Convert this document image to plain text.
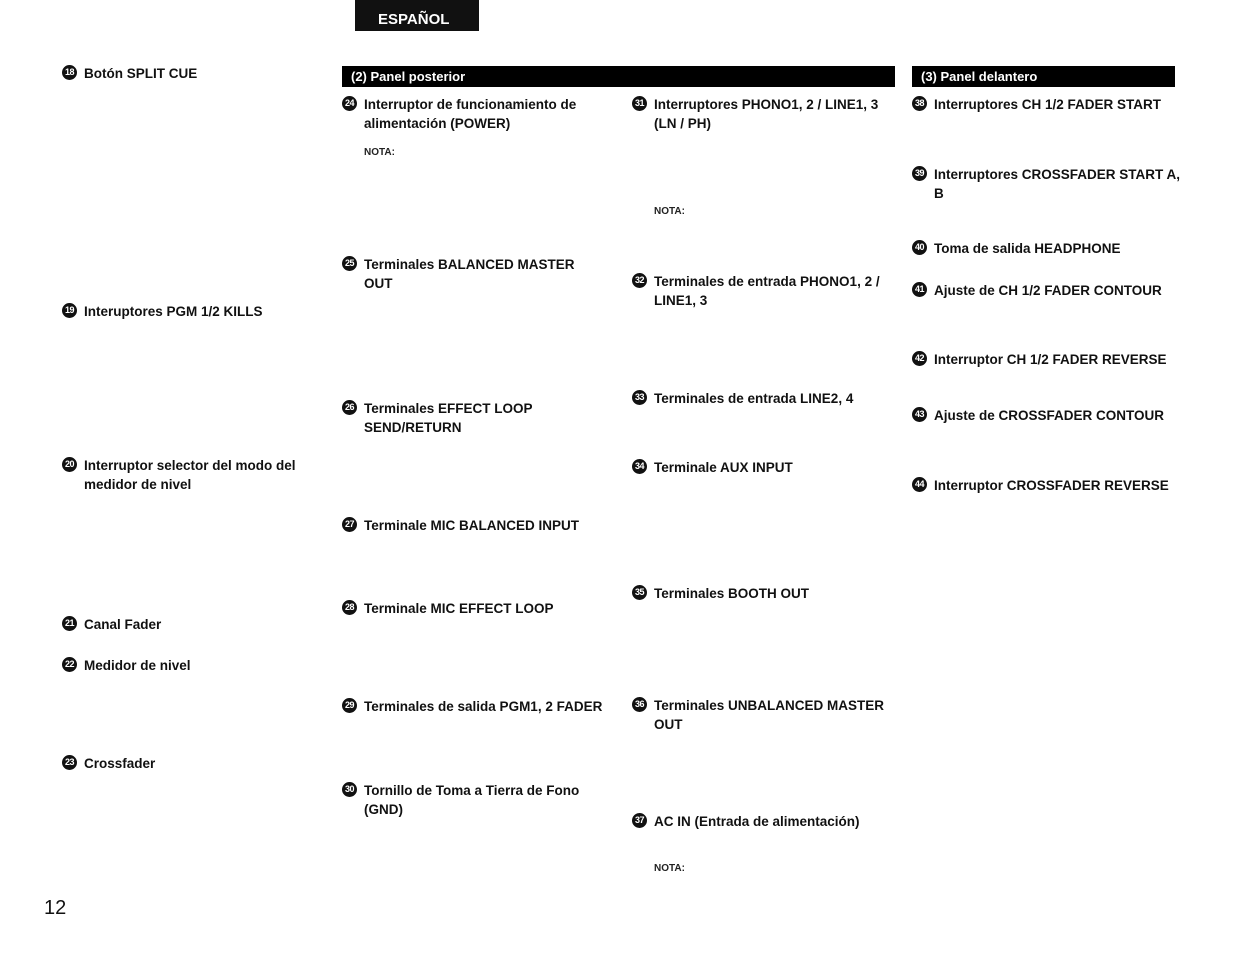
ESPAÑOL
(2) Panel posterior	(3) Panel delantero
18 Botón SPLIT CUE
19 Interuptores PGM 1/2 KILLS
20 Interruptor selector del modo del medidor de nivel
21 Canal Fader
22 Medidor de nivel
23 Crossfader
24 Interruptor de funcionamiento de alimentación (POWER)
NOTA:
25 Terminales BALANCED MASTER OUT
26 Terminales EFFECT LOOP SEND/RETURN
27 Terminale MIC BALANCED INPUT
28 Terminale MIC EFFECT LOOP
29 Terminales de salida PGM1, 2 FADER
30 Tornillo de Toma a Tierra de Fono (GND)
31 Interruptores PHONO1, 2 / LINE1, 3 (LN / PH)
NOTA:
32 Terminales de entrada PHONO1, 2 / LINE1, 3
33 Terminales de entrada LINE2, 4
34 Terminale AUX INPUT
35 Terminales BOOTH OUT
36 Terminales UNBALANCED MASTER OUT
37 AC IN (Entrada de alimentación)
NOTA:
38 Interruptores CH 1/2 FADER START
39 Interruptores CROSSFADER START A, B
40 Toma de salida HEADPHONE
41 Ajuste de CH 1/2 FADER CONTOUR
42 Interruptor CH 1/2 FADER REVERSE
43 Ajuste de CROSSFADER CONTOUR
44 Interruptor CROSSFADER REVERSE
12
